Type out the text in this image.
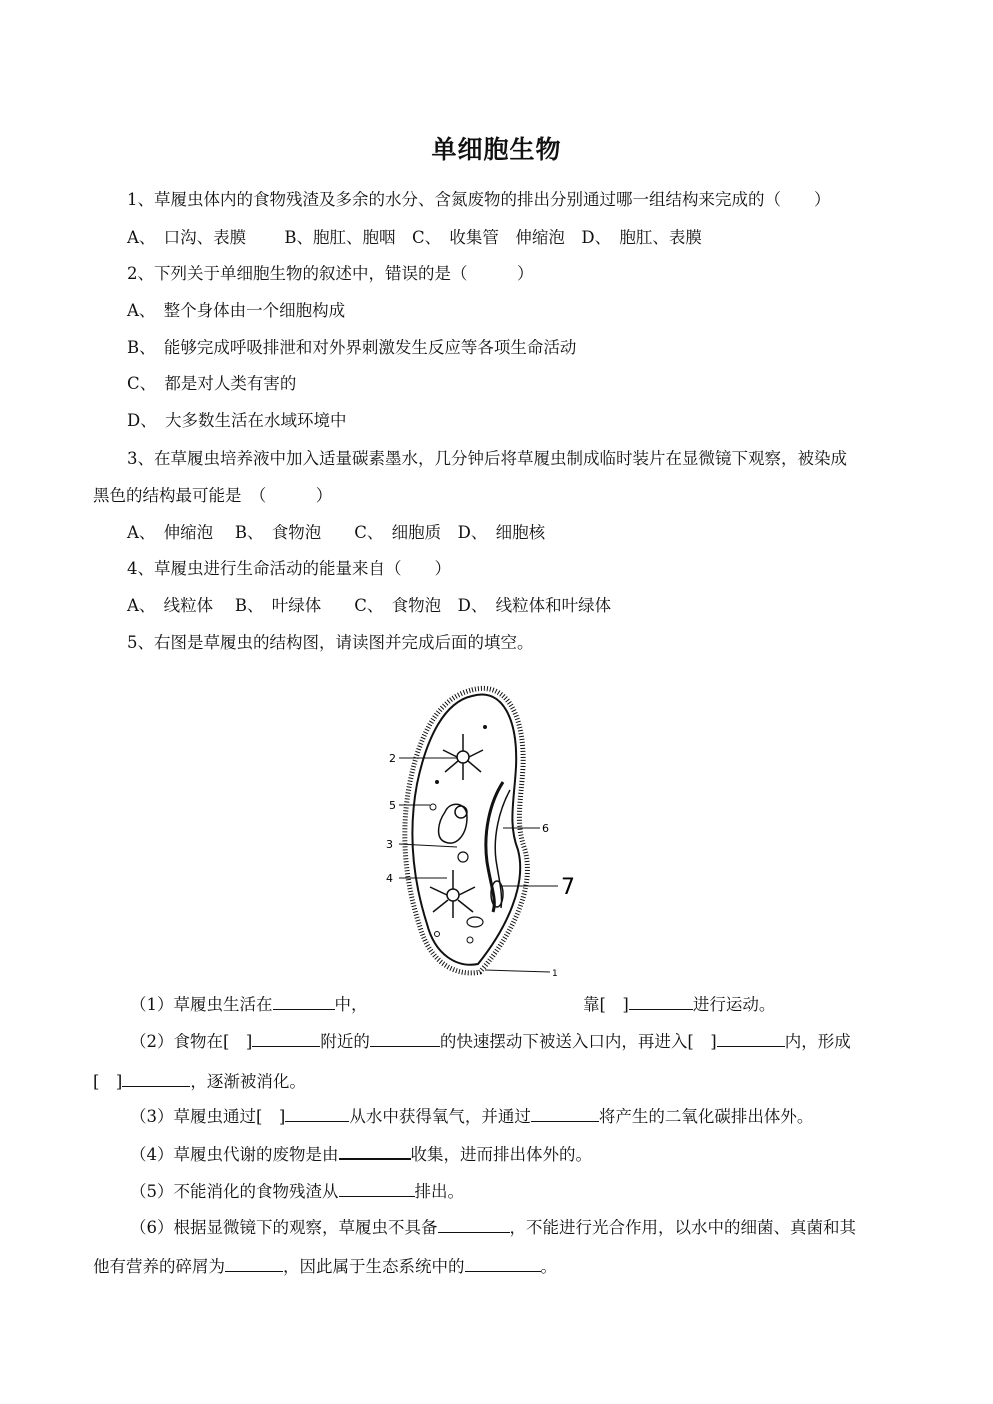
单细胞生物
1、草履虫体内的食物残渣及多余的水分、含氮废物的排出分别通过哪一组结构来完成的（　　）
A、　口沟、表膜　　 B、胞肛、胞咽　C、　收集管　伸缩泡　D、　胞肛、表膜
2、下列关于单细胞生物的叙述中，错误的是（　　　）
A、　整个身体由一个细胞构成
B、　能够完成呼吸排泄和对外界刺激发生反应等各项生命活动
C、　都是对人类有害的
D、　大多数生活在水域环境中
3、在草履虫培养液中加入适量碳素墨水，几分钟后将草履虫制成临时装片在显微镜下观察，被染成
黑色的结构最可能是　（　　　）
A、　伸缩泡　 B、　食物泡　　C、　细胞质　D、　细胞核
4、草履虫进行生命活动的能量来自（　　）
A、　线粒体　 B、　叶绿体　　C、　食物泡　D、　线粒体和叶绿体
5、右图是草履虫的结构图，请读图并完成后面的填空。
2
5
3
4
6
7
1
（1）草履虫生活在	中，	靠[　]	进行运动。
（2）食物在[　]	附近的	的快速摆动下被送入口内，再进入[　]	内，形成
[　]	，逐渐被消化。
（3）草履虫通过[　]	从水中获得氧气，并通过	将产生的二氧化碳排出体外。
（4）草履虫代谢的废物是由	收集，进而排出体外的。
（5）不能消化的食物残渣从	排出。
（6）根据显微镜下的观察，草履虫不具备	，不能进行光合作用，以水中的细菌、真菌和其
他有营养的碎屑为	，因此属于生态系统中的	。
